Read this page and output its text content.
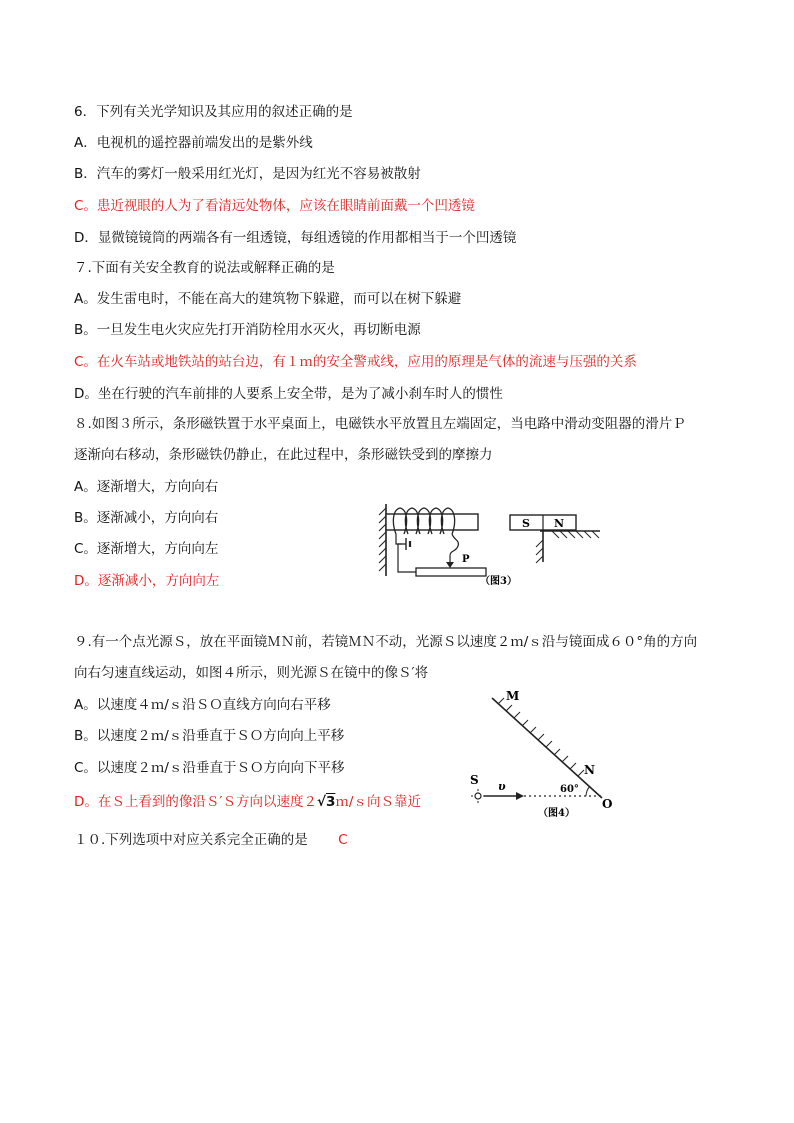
6．下列有关光学知识及其应用的叙述正确的是
A．电视机的遥控器前端发出的是紫外线
B．汽车的雾灯一般采用红光灯，是因为红光不容易被散射
C。患近视眼的人为了看清远处物体，应该在眼睛前面戴一个凹透镜
D．显微镜镜筒的两端各有一组透镜，每组透镜的作用都相当于一个凹透镜
７.下面有关安全教育的说法或解释正确的是
A。发生雷电时，不能在高大的建筑物下躲避，而可以在树下躲避
B。一旦发生电火灾应先打开消防栓用水灭火，再切断电源
C。在火车站或地铁站的站台边，有１ｍ的安全警戒线，应用的原理是气体的流速与压强的关系
D。坐在行驶的汽车前排的人要系上安全带，是为了减小刹车时人的惯性
８.如图３所示，条形磁铁置于水平桌面上，电磁铁水平放置且左端固定，当电路中滑动变阻器的滑片Ｐ
逐渐向右移动，条形磁铁仍静止，在此过程中，条形磁铁受到的摩擦力
A。逐渐增大，方向向右
B。逐渐减小，方向向右
C。逐渐增大，方向向左
D。逐渐减小，方向向左
P
S N
（图3）
９.有一个点光源Ｓ，放在平面镜ＭＮ前，若镜ＭＮ不动，光源Ｓ以速度２ｍ/ｓ沿与镜面成６０°角的方向
向右匀速直线运动，如图４所示，则光源Ｓ在镜中的像Ｓ′将
A。以速度４ｍ/ｓ沿ＳＯ直线方向向右平移
B。以速度２ｍ/ｓ沿垂直于ＳＯ方向向上平移
C。以速度２ｍ/ｓ沿垂直于ＳＯ方向向下平移
D。在Ｓ上看到的像沿Ｓ′Ｓ方向以速度２√3ｍ/ｓ向Ｓ靠近
M
N
S υ	60°
O
（图4）
１０.下列选项中对应关系完全正确的是 C
